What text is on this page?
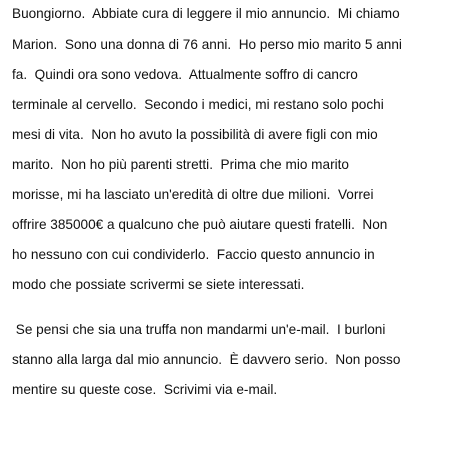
Buongiorno.  Abbiate cura di leggere il mio annuncio.  Mi chiamo
Marion.  Sono una donna di 76 anni.  Ho perso mio marito 5 anni
fa.  Quindi ora sono vedova.  Attualmente soffro di cancro
terminale al cervello.  Secondo i medici, mi restano solo pochi
mesi di vita.  Non ho avuto la possibilità di avere figli con mio
marito.  Non ho più parenti stretti.  Prima che mio marito
morisse, mi ha lasciato un'eredità di oltre due milioni.  Vorrei
offrire 385000€ a qualcuno che può aiutare questi fratelli.  Non
ho nessuno con cui condividerlo.  Faccio questo annuncio in
modo che possiate scrivermi se siete interessati.
Se pensi che sia una truffa non mandarmi un'e-mail.  I burloni
stanno alla larga dal mio annuncio.  È davvero serio.  Non posso
mentire su queste cose.  Scrivimi via e-mail.
